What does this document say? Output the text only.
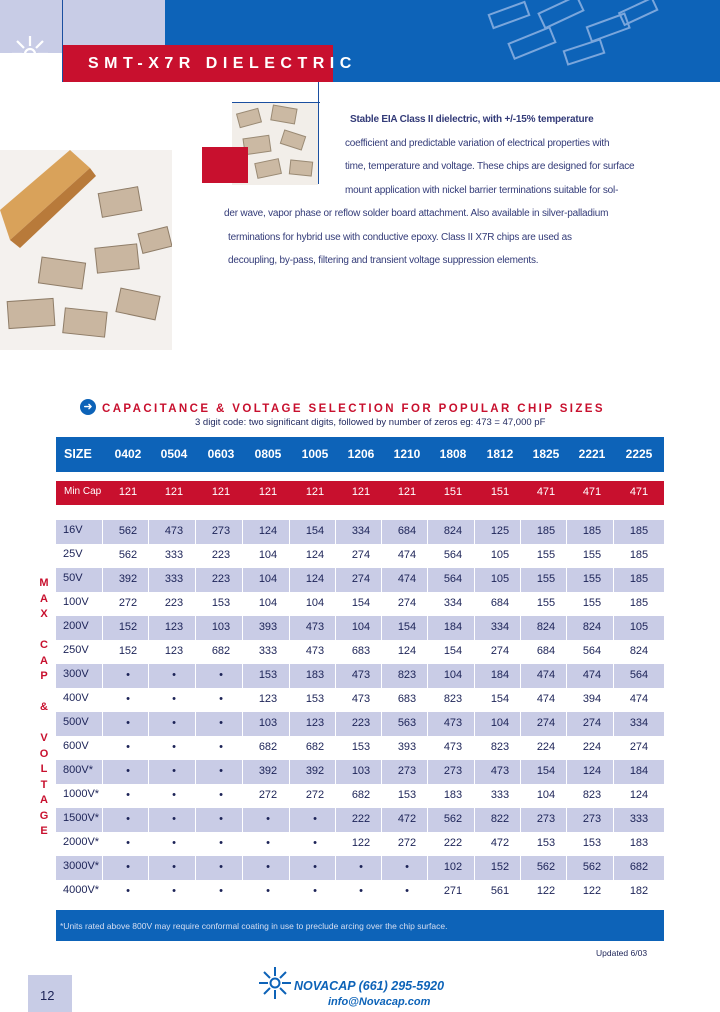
SMT-X7R DIELECTRIC
Stable EIA Class II dielectric, with +/-15% temperature
coefficient and predictable variation of electrical properties with
time, temperature and voltage. These chips are designed for surface
mount application with nickel barrier terminations suitable for sol-
der wave, vapor phase or reflow solder board attachment. Also available in silver-palladium
terminations for hybrid use with conductive epoxy. Class II X7R chips are used as
decoupling, by-pass, filtering and transient voltage suppression elements.
➜ CAPACITANCE & VOLTAGE SELECTION FOR POPULAR CHIP SIZES
3 digit code: two significant digits, followed by number of zeros eg: 473 = 47,000 pF
SIZE	0402	0504	0603	0805	1005	1206	1210	1808	1812	1825	2221	2225
Min Cap	121	121	121	121	121	121	121	151	151	471	471	471
16V	562	473	273	124	154	334	684	824	125	185	185	185
25V	562	333	223	104	124	274	474	564	105	155	155	185
50V	392	333	223	104	124	274	474	564	105	155	155	185
100V	272	223	153	104	104	154	274	334	684	155	155	185
200V	152	123	103	393	473	104	154	184	334	824	824	105
250V	152	123	682	333	473	683	124	154	274	684	564	824
300V	•	•	•	153	183	473	823	104	184	474	474	564
400V	•	•	•	123	153	473	683	823	154	474	394	474
500V	•	•	•	103	123	223	563	473	104	274	274	334
600V	•	•	•	682	682	153	393	473	823	224	224	274
800V*	•	•	•	392	392	103	273	273	473	154	124	184
1000V*	•	•	•	272	272	682	153	183	333	104	823	124
1500V*	•	•	•	•	•	222	472	562	822	273	273	333
2000V*	•	•	•	•	•	122	272	222	472	153	153	183
3000V*	•	•	•	•	•	•	•	102	152	562	562	682
4000V*	•	•	•	•	•	•	•	271	561	122	122	182
M
A
X

C
A
P

&

V
O
L
T
A
G
E
*Units rated above 800V may require conformal coating in use to preclude arcing over the chip surface.
Updated 6/03
12
NOVACAP (661) 295-5920
info@Novacap.com
